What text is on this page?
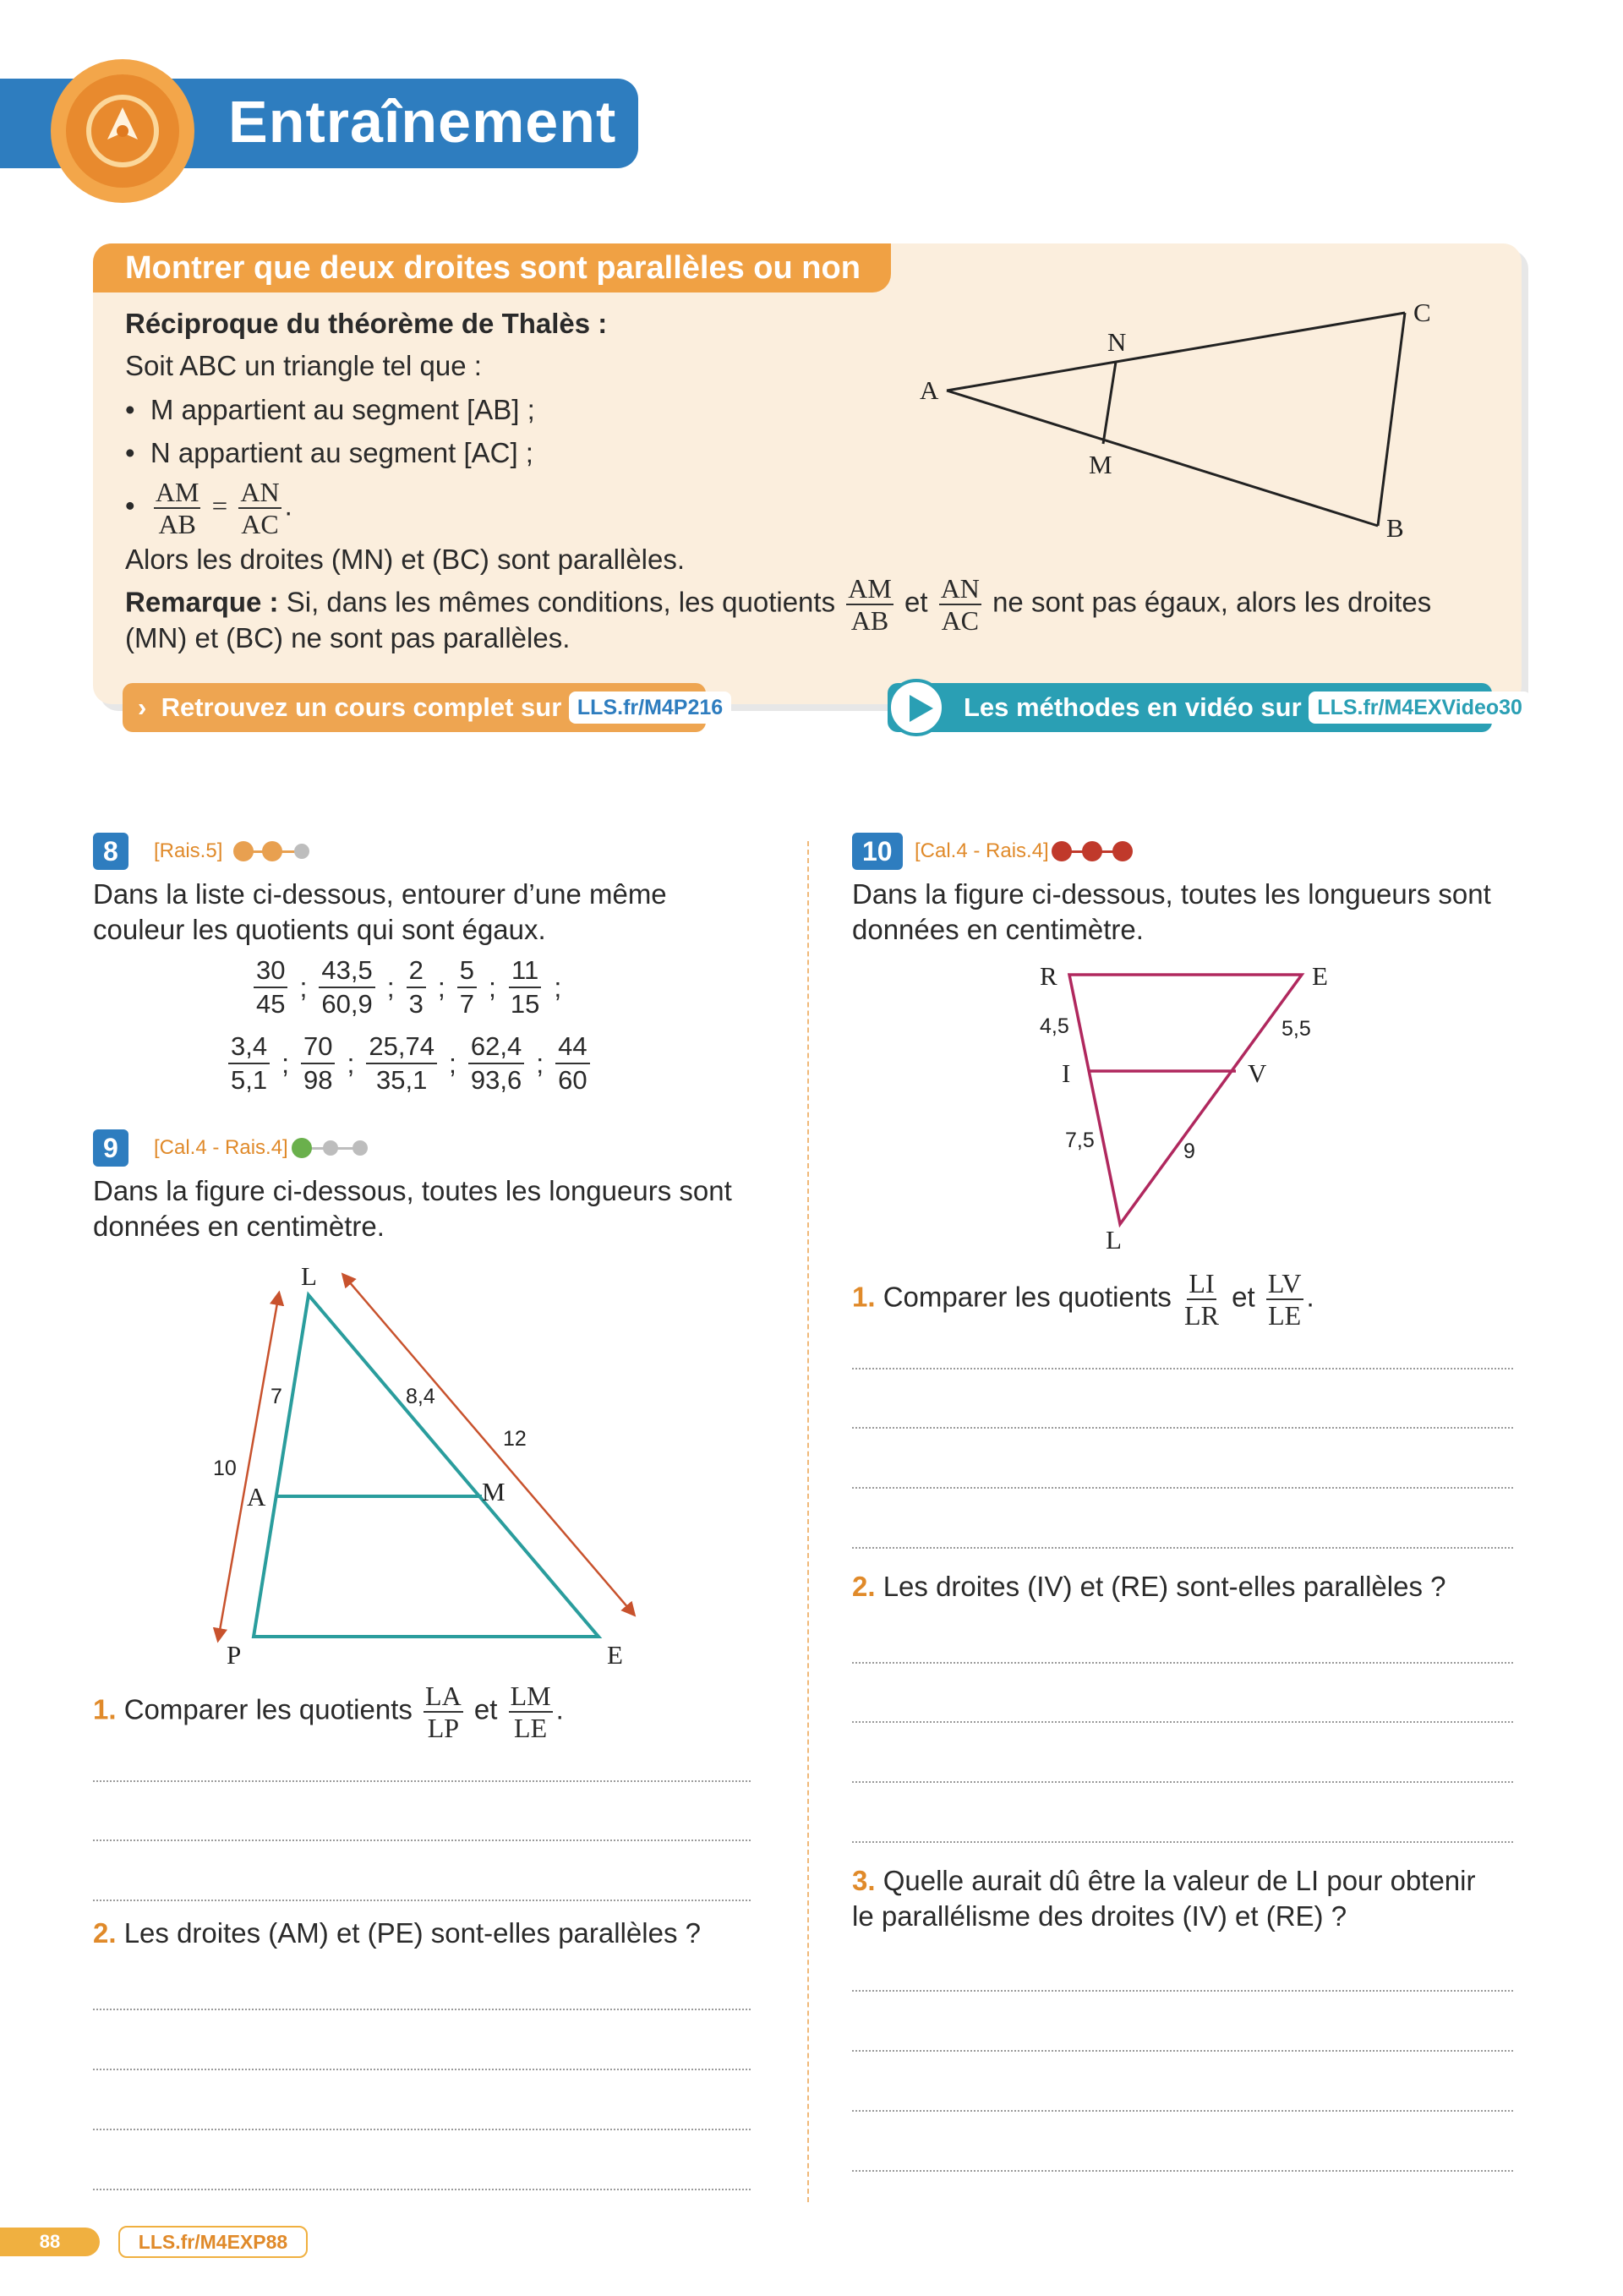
Entraînement
Montrer que deux droites sont parallèles ou non
Réciproque du théorème de Thalès :
Soit ABC un triangle tel que :
•  M appartient au segment [AB] ;
•  N appartient au segment [AC] ;
• $\frac{AM}{AB} = \frac{AN}{AC}$ .
Alors les droites (MN) et (BC) sont parallèles.
Remarque : Si, dans les mêmes conditions, les quotients $\frac{AM}{AB}$ et $\frac{AN}{AC}$ ne sont pas égaux, alors les droites
(MN) et (BC) ne sont pas parallèles.
A
B
C
M
N
›  Retrouvez un cours complet sur LLS.fr/M4P216 .	Les méthodes en vidéo sur LLS.fr/M4EXVideo30 .
8	[Rais.5]
Dans la liste ci-dessous, entourer d’une même
couleur les quotients qui sont égaux.
$\frac{30}{45}$ ; $\frac{43,5}{60,9}$ ; $\frac{2}{3}$ ; $\frac{5}{7}$ ; $\frac{11}{15}$ ;
$\frac{3,4}{5,1}$ ; $\frac{70}{98}$ ; $\frac{25,74}{35,1}$ ; $\frac{62,4}{93,6}$ ; $\frac{44}{60}$
9	[Cal.4 - Rais.4]
Dans la figure ci-dessous, toutes les longueurs sont
données en centimètre.
L
A	M
P	E
7	8,4
10
12
1. Comparer les quotients $\frac{LA}{LP}$ et $\frac{LM}{LE}$ .
2. Les droites (AM) et (PE) sont-elles parallèles ?
10	[Cal.4 - Rais.4]
Dans la figure ci-dessous, toutes les longueurs sont
données en centimètre.
R	E
I	V
L
4,5	5,5
7,5	9
1. Comparer les quotients $\frac{LI}{LR}$ et $\frac{LV}{LE}$ .
2. Les droites (IV) et (RE) sont-elles parallèles ?
3. Quelle aurait dû être la valeur de LI pour obtenir
le parallélisme des droites (IV) et (RE) ?
88	LLS.fr/M4EXP88
